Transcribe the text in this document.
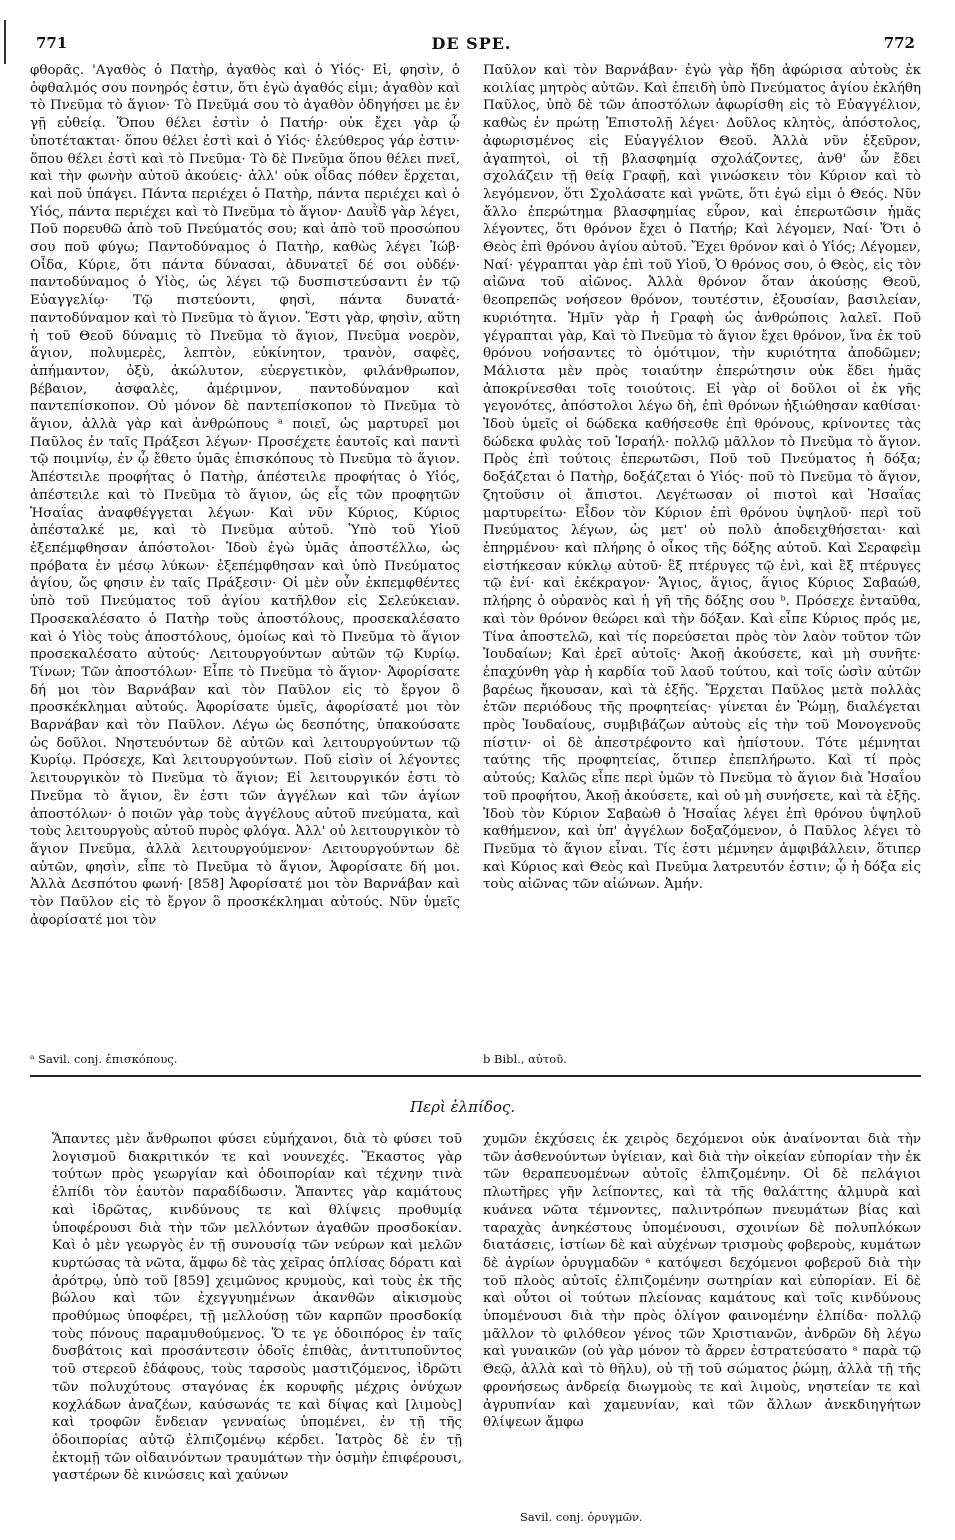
771	DE SPE.	772
φθορᾶς. 'Αγαθὸς ὁ Πατὴρ, ἀγαθὸς καὶ ὁ Υἱός· Εἰ, φησὶν, ὁ ὀφθαλμός σου πονηρός ἐστιν, ὅτι ἐγὼ ἀγαθός εἰμι; ἀγαθὸν καὶ τὸ Πνεῦμα τὸ ἅγιον· Τὸ Πνεῦμά σου τὸ ἀγαθὸν ὁδηγήσει με ἐν γῇ εὐθείᾳ. Ὅπου θέλει ἐστὶν ὁ Πατήρ· οὐκ ἔχει γὰρ ᾧ ὑποτέτακται· ὅπου θέλει ἐστὶ καὶ ὁ Υἱός· ἐλεύθερος γάρ ἐστιν· ὅπου θέλει ἐστὶ καὶ τὸ Πνεῦμα· Τὸ δὲ Πνεῦμα ὅπου θέλει πνεῖ, καὶ τὴν φωνὴν αὐτοῦ ἀκούεις· ἀλλ' οὐκ οἶδας πόθεν ἔρχεται, καὶ ποῦ ὑπάγει. Πάντα περιέχει ὁ Πατὴρ, πάντα περιέχει καὶ ὁ Υἱός, πάντα περιέχει καὶ τὸ Πνεῦμα τὸ ἅγιον· Δαυῒδ γὰρ λέγει, Ποῦ πορευθῶ ἀπὸ τοῦ Πνεύματός σου; καὶ ἀπὸ τοῦ προσώπου σου ποῦ φύγω; Παντοδύναμος ὁ Πατὴρ, καθὼς λέγει Ἰώβ· Οἶδα, Κύριε, ὅτι πάντα δύνασαι, ἀδυνατεῖ δέ σοι οὐδέν· παντοδύναμος ὁ Υἱὸς, ὡς λέγει τῷ δυσπιστεύσαντι ἐν τῷ Εὐαγγελίῳ· Τῷ πιστεύοντι, φησὶ, πάντα δυνατά· παντοδύναμον καὶ τὸ Πνεῦμα τὸ ἅγιον. Ἔστι γὰρ, φησὶν, αὕτη ἡ τοῦ Θεοῦ δύναμις τὸ Πνεῦμα τὸ ἅγιον, Πνεῦμα νοερὸν, ἅγιον, πολυμερὲς, λεπτὸν, εὐκίνητον, τρανὸν, σαφὲς, ἀπήμαντον, ὀξὺ, ἀκώλυτον, εὐεργετικὸν, φιλάνθρωπον, βέβαιον, ἀσφαλὲς, ἀμέριμνον, παντοδύναμον καὶ παντεπίσκοπον. Οὐ μόνον δὲ παντεπίσκοπον τὸ Πνεῦμα τὸ ἅγιον, ἀλλὰ γὰρ καὶ ἀνθρώπους ᵃ ποιεῖ, ὡς μαρτυρεῖ μοι Παῦλος ἐν ταῖς Πράξεσι λέγων· Προσέχετε ἑαυτοῖς καὶ παντὶ τῷ ποιμνίῳ, ἐν ᾧ ἔθετο ὑμᾶς ἐπισκόπους τὸ Πνεῦμα τὸ ἅγιον. Ἀπέστειλε προφήτας ὁ Πατὴρ, ἀπέστειλε προφήτας ὁ Υἱός, ἀπέστειλε καὶ τὸ Πνεῦμα τὸ ἅγιον, ὡς εἷς τῶν προφητῶν Ἡσαΐας ἀναφθέγγεται λέγων· Καὶ νῦν Κύριος, Κύριος ἀπέσταλκέ με, καὶ τὸ Πνεῦμα αὐτοῦ. Ὑπὸ τοῦ Υἱοῦ ἐξεπέμφθησαν ἀπόστολοι· Ἰδοὺ ἐγὼ ὑμᾶς ἀποστέλλω, ὡς πρόβατα ἐν μέσῳ λύκων· ἐξεπέμφθησαν καὶ ὑπὸ Πνεύματος ἁγίου, ὥς φησιν ἐν ταῖς Πράξεσιν· Οἱ μὲν οὖν ἐκπεμφθέντες ὑπὸ τοῦ Πνεύματος τοῦ ἁγίου κατῆλθον εἰς Σελεύκειαν. Προσεκαλέσατο ὁ Πατὴρ τοὺς ἀποστόλους, προσεκαλέσατο καὶ ὁ Υἱὸς τοὺς ἀποστόλους, ὁμοίως καὶ τὸ Πνεῦμα τὸ ἅγιον προσεκαλέσατο αὐτούς· Λειτουργούντων αὐτῶν τῷ Κυρίῳ. Τίνων; Τῶν ἀποστόλων· Εἶπε τὸ Πνεῦμα τὸ ἅγιον· Ἀφορίσατε δή μοι τὸν Βαρνάβαν καὶ τὸν Παῦλον εἰς τὸ ἔργον ὃ προσκέκλημαι αὐτούς. Ἀφορίσατε ὑμεῖς, ἀφορίσατέ μοι τὸν Βαρνάβαν καὶ τὸν Παῦλον. Λέγω ὡς δεσπότης, ὑπακούσατε ὡς δοῦλοι. Νηστευόντων δὲ αὐτῶν καὶ λειτουργούντων τῷ Κυρίῳ. Πρόσεχε, Καὶ λειτουργούντων. Ποῦ εἰσὶν οἱ λέγοντες λειτουργικὸν τὸ Πνεῦμα τὸ ἅγιον; Εἰ λειτουργικόν ἐστι τὸ Πνεῦμα τὸ ἅγιον, ἓν ἐστι τῶν ἀγγέλων καὶ τῶν ἁγίων ἀποστόλων· ὁ ποιῶν γὰρ τοὺς ἀγγέλους αὐτοῦ πνεύματα, καὶ τοὺς λειτουργοὺς αὐτοῦ πυρὸς φλόγα. Ἀλλ' οὐ λειτουργικὸν τὸ ἅγιον Πνεῦμα, ἀλλὰ λειτουργούμενον· Λειτουργούντων δὲ αὐτῶν, φησὶν, εἶπε τὸ Πνεῦμα τὸ ἅγιον, Ἀφορίσατε δή μοι. Ἀλλὰ Δεσπότου φωνή· [858] Ἀφορίσατέ μοι τὸν Βαρνάβαν καὶ τὸν Παῦλον εἰς τὸ ἔργον ὃ προσκέκλημαι αὐτούς. Νῦν ὑμεῖς ἀφορίσατέ μοι τὸν
Παῦλον καὶ τὸν Βαρνάβαν· ἐγὼ γὰρ ἤδη ἀφώρισα αὐτοὺς ἐκ κοιλίας μητρὸς αὐτῶν. Καὶ ἐπειδὴ ὑπὸ Πνεύματος ἁγίου ἐκλήθη Παῦλος, ὑπὸ δὲ τῶν ἀποστόλων ἀφωρίσθη εἰς τὸ Εὐαγγέλιον, καθὼς ἐν πρώτῃ Ἐπιστολῇ λέγει· Δοῦλος κλητὸς, ἀπόστολος, ἀφωρισμένος εἰς Εὐαγγέλιον Θεοῦ. Ἀλλὰ νῦν ἐξεῦρον, ἀγαπητοὶ, οἱ τῇ βλασφημίᾳ σχολάζοντες, ἀνθ' ὧν ἔδει σχολάζειν τῇ θείᾳ Γραφῇ, καὶ γινώσκειν τὸν Κύριον καὶ τὸ λεγόμενον, ὅτι Σχολάσατε καὶ γνῶτε, ὅτι ἐγώ εἰμι ὁ Θεός. Νῦν ἄλλο ἐπερώτημα βλασφημίας εὗρον, καὶ ἐπερωτῶσιν ἡμᾶς λέγοντες, ὅτι θρόνον ἔχει ὁ Πατήρ; Καὶ λέγομεν, Ναί· Ὅτι ὁ Θεὸς ἐπὶ θρόνου ἁγίου αὐτοῦ. Ἔχει θρόνον καὶ ὁ Υἱός; Λέγομεν, Ναί· γέγραπται γὰρ ἐπὶ τοῦ Υἱοῦ, Ὁ θρόνος σου, ὁ Θεὸς, εἰς τὸν αἰῶνα τοῦ αἰῶνος. Ἀλλὰ θρόνον ὅταν ἀκούσῃς Θεοῦ, θεοπρεπῶς νοήσεον θρόνον, τουτέστιν, ἐξουσίαν, βασιλείαν, κυριότητα. Ἡμῖν γὰρ ἡ Γραφὴ ὡς ἀνθρώποις λαλεῖ. Ποῦ γέγραπται γὰρ, Καὶ τὸ Πνεῦμα τὸ ἅγιον ἔχει θρόνον, ἵνα ἐκ τοῦ θρόνου νοήσαντες τὸ ὁμότιμον, τὴν κυριότητα ἀποδῶμεν; Μάλιστα μὲν πρὸς τοιαύτην ἐπερώτησιν οὐκ ἔδει ἡμᾶς ἀποκρίνεσθαι τοῖς τοιούτοις. Εἰ γὰρ οἱ δοῦλοι οἱ ἐκ γῆς γεγονότες, ἀπόστολοι λέγω δὴ, ἐπὶ θρόνων ἠξιώθησαν καθίσαι· Ἰδοὺ ὑμεῖς οἱ δώδεκα καθήσεσθε ἐπὶ θρόνους, κρίνοντες τὰς δώδεκα φυλὰς τοῦ Ἰσραήλ· πολλῷ μᾶλλον τὸ Πνεῦμα τὸ ἅγιον. Πρὸς ἐπὶ τούτοις ἐπερωτῶσι, Ποῦ τοῦ Πνεύματος ἡ δόξα; δοξάζεται ὁ Πατὴρ, δοξάζεται ὁ Υἱός· ποῦ τὸ Πνεῦμα τὸ ἅγιον, ζητοῦσιν οἱ ἄπιστοι. Λεγέτωσαν οἱ πιστοὶ καὶ Ἡσαΐας μαρτυρείτω· Εἶδον τὸν Κύριον ἐπὶ θρόνου ὑψηλοῦ· περὶ τοῦ Πνεύματος λέγων, ὡς μετ' οὐ πολὺ ἀποδειχθήσεται· καὶ ἐπηρμένου· καὶ πλήρης ὁ οἶκος τῆς δόξης αὐτοῦ. Καὶ Σεραφεὶμ εἱστήκεσαν κύκλῳ αὐτοῦ· ἓξ πτέρυγες τῷ ἑνὶ, καὶ ἓξ πτέρυγες τῷ ἑνί· καὶ ἐκέκραγον· Ἅγιος, ἅγιος, ἅγιος Κύριος Σαβαώθ, πλήρης ὁ οὐρανὸς καὶ ἡ γῆ τῆς δόξης σου ᵇ. Πρόσεχε ἐνταῦθα, καὶ τὸν θρόνον θεώρει καὶ τὴν δόξαν. Καὶ εἶπε Κύριος πρός με, Τίνα ἀποστελῶ, καὶ τίς πορεύσεται πρὸς τὸν λαὸν τοῦτον τῶν Ἰουδαίων; Καὶ ἐρεῖ αὐτοῖς· Ἀκοῇ ἀκούσετε, καὶ μὴ συνῆτε· ἐπαχύνθη γὰρ ἡ καρδία τοῦ λαοῦ τούτου, καὶ τοῖς ὠσὶν αὐτῶν βαρέως ἤκουσαν, καὶ τὰ ἑξῆς. Ἔρχεται Παῦλος μετὰ πολλὰς ἐτῶν περιόδους τῆς προφητείας· γίνεται ἐν Ῥώμῃ, διαλέγεται πρὸς Ἰουδαίους, συμβιβάζων αὐτοὺς εἰς τὴν τοῦ Μονογενοῦς πίστιν· οἱ δὲ ἀπεστρέφοντο καὶ ἠπίστουν. Τότε μέμνηται ταύτης τῆς προφητείας, ὅτιπερ ἐπεπλήρωτο. Καὶ τί πρὸς αὐτούς; Καλῶς εἶπε περὶ ὑμῶν τὸ Πνεῦμα τὸ ἅγιον διὰ Ἡσαΐου τοῦ προφήτου, Ἀκοῇ ἀκούσετε, καὶ οὐ μὴ συνήσετε, καὶ τὰ ἑξῆς. Ἰδοὺ τὸν Κύριον Σαβαὼθ ὁ Ἡσαΐας λέγει ἐπὶ θρόνου ὑψηλοῦ καθήμενον, καὶ ὑπ' ἀγγέλων δοξαζόμενον, ὁ Παῦλος λέγει τὸ Πνεῦμα τὸ ἅγιον εἶναι. Τίς ἐστι μέμνηεν ἀμφιβάλλειν, ὅτιπερ καὶ Κύριος καὶ Θεὸς καὶ Πνεῦμα λατρευτόν ἐστιν; ᾧ ἡ δόξα εἰς τοὺς αἰῶνας τῶν αἰώνων. Ἀμήν.
ᵃ Savil. conj. ἐπισκόπους.	b Bibl., αὐτοῦ.
Περὶ ἐλπίδος.
Ἅπαντες μὲν ἄνθρωποι φύσει εὐμήχανοι, διὰ τὸ φύσει τοῦ λογισμοῦ διακριτικόν τε καὶ νουνεχές. Ἕκαστος γὰρ τούτων πρὸς γεωργίαν καὶ ὁδοιπορίαν καὶ τέχνην τινὰ ἐλπίδι τὸν ἑαυτὸν παραδίδωσιν. Ἅπαντες γὰρ καμάτους καὶ ἱδρῶτας, κινδύνους τε καὶ θλίψεις προθυμίᾳ ὑποφέρουσι διὰ τὴν τῶν μελλόντων ἀγαθῶν προσδοκίαν. Καὶ ὁ μὲν γεωργὸς ἐν τῇ συνουσίᾳ τῶν νεύρων καὶ μελῶν κυρτώσας τὰ νῶτα, ἅμφω δὲ τὰς χεῖρας ὁπλίσας δόρατι καὶ ἀρότρῳ, ὑπὸ τοῦ [859] χειμῶνος κρυμοὺς, καὶ τοὺς ἐκ τῆς βώλου καὶ τῶν ἐχεγγυημένων ἀκανθῶν αἰκισμοὺς προθύμως ὑποφέρει, τῇ μελλούσῃ τῶν καρπῶν προσδοκίᾳ τοὺς πόνους παραμυθούμενος. Ὅ τε γε ὁδοιπόρος ἐν ταῖς δυσβάτοις καὶ προσάντεσιν ὁδοῖς ἐπιθὰς, ἀντιτυποῦντος τοῦ στερεοῦ ἐδάφους, τοὺς ταρσοὺς μαστιζόμενος, ἱδρῶτι τῶν πολυχύτους σταγόνας ἐκ κορυφῆς μέχρις ὀνύχων κοχλάδων ἀναζέων, καύσωνάς τε καὶ δίψας καὶ [λιμοὺς] καὶ τροφῶν ἔνδειαν γενναίως ὑπομένει, ἐν τῇ τῆς ὁδοιπορίας αὐτῷ ἐλπιζομένῳ κέρδει. Ἰατρὸς δὲ ἐν τῇ ἐκτομῇ τῶν οἰδαινόντων τραυμάτων τὴν ὀσμὴν ἐπιφέρουσι, γαστέρων δὲ κινώσεις καὶ χαύνων
χυμῶν ἐκχύσεις ἐκ χειρὸς δεχόμενοι οὐκ ἀναίνονται διὰ τὴν τῶν ἀσθενούντων ὑγίειαν, καὶ διὰ τὴν οἰκείαν εὐπορίαν τὴν ἐκ τῶν θεραπευομένων αὐτοῖς ἐλπιζομένην. Οἱ δὲ πελάγιοι πλωτῆρες γῆν λείποντες, καὶ τὰ τῆς θαλάττης ἁλμυρὰ καὶ κυάνεα νῶτα τέμνοντες, παλιντρόπων πνευμάτων βίας καὶ ταραχὰς ἀνηκέστους ὑπομένουσι, σχοινίων δὲ πολυπλόκων διατάσεις, ἱστίων δὲ καὶ αὐχένων τρισμοὺς φοβεροὺς, κυμάτων δὲ ἀγρίων ὀρυγμαδῶν ᵃ κατόψεσι δεχόμενοι φοβεροῦ διὰ τὴν τοῦ πλοὸς αὐτοῖς ἐλπιζομένην σωτηρίαν καὶ εὐπορίαν. Εἰ δὲ καὶ οὗτοι οἱ τούτων πλείονας καμάτους καὶ τοῖς κινδύνους ὑπομένουσι διὰ τὴν πρὸς ὀλίγον φαινομένην ἐλπίδα· πολλῷ μᾶλλον τὸ φιλόθεον γένος τῶν Χριστιανῶν, ἀνδρῶν δὴ λέγω καὶ γυναικῶν (οὐ γὰρ μόνον τὸ ἄρρεν ἐστρατεύσατο ᵃ παρὰ τῷ Θεῷ, ἀλλὰ καὶ τὸ θῆλυ), οὐ τῇ τοῦ σώματος ῥώμῃ, ἀλλὰ τῇ τῆς φρονήσεως ἀνδρείᾳ διωγμοὺς τε καὶ λιμοὺς, νηστείαν τε καὶ ἀγρυπνίαν καὶ χαμευνίαν, καὶ τῶν ἄλλων ἀνεκδιηγήτων θλίψεων ἄμφω
Savil. conj. ὀρυγμῶν.
